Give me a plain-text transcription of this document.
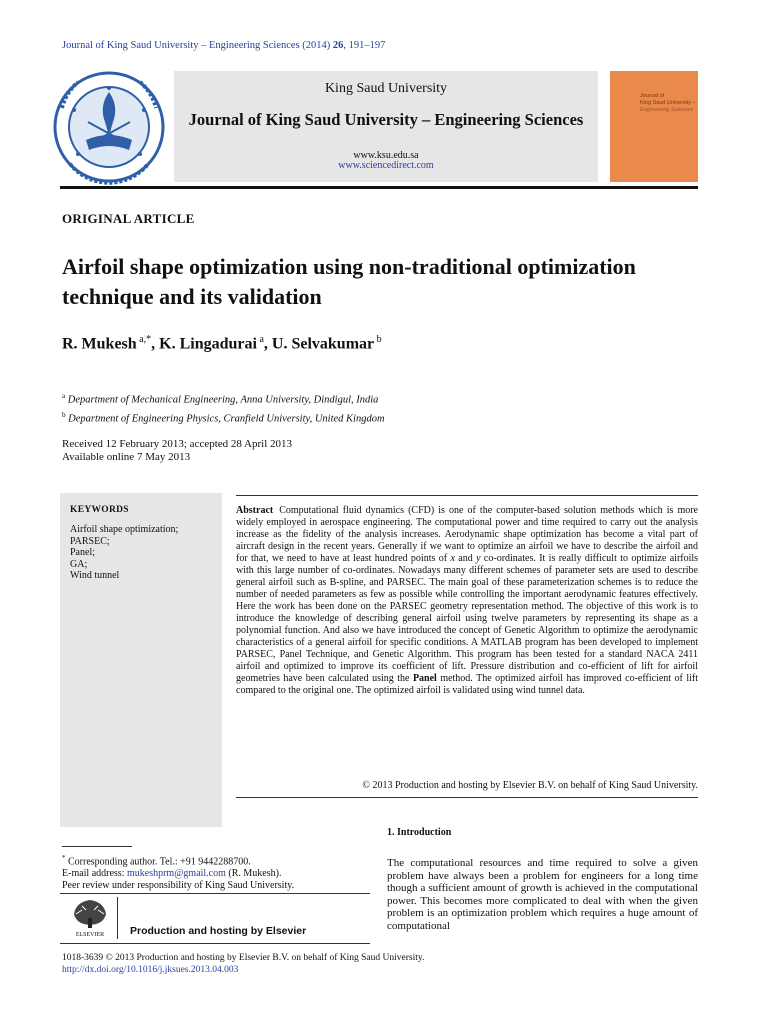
Journal of King Saud University – Engineering Sciences (2014) 26, 191–197
King Saud University
Journal of King Saud University – Engineering Sciences
www.ksu.edu.sa
www.sciencedirect.com
Journal of
King Saud University –
Engineering Sciences
ORIGINAL ARTICLE
Airfoil shape optimization using non-traditional optimization technique and its validation
R. Mukesh $^{a,*}$, K. Lingadurai $^a$, U. Selvakumar $^b$
$^a$ Department of Mechanical Engineering, Anna University, Dindigul, India
$^b$ Department of Engineering Physics, Cranfield University, United Kingdom
Received 12 February 2013; accepted 28 April 2013
Available online 7 May 2013
KEYWORDS
Airfoil shape optimization;
PARSEC;
Panel;
GA;
Wind tunnel
Abstract Computational fluid dynamics (CFD) is one of the computer-based solution methods which is more widely employed in aerospace engineering. The computational power and time required to carry out the analysis increase as the fidelity of the analysis increases. Aerodynamic shape optimization has become a vital part of aircraft design in the recent years. Generally if we want to optimize an airfoil we have to describe the airfoil and for that, we need to have at least hundred points of x and y co-ordinates. It is really difficult to optimize airfoils with this large number of co-ordinates. Nowadays many different schemes of parameter sets are used to describe general airfoil such as B-spline, and PARSEC. The main goal of these parameterization schemes is to reduce the number of needed parameters as few as possible while controlling the important aerodynamic features effectively. Here the work has been done on the PARSEC geometry representation method. The objective of this work is to introduce the knowledge of describing general airfoil using twelve parameters by representing its shape as a polynomial function. And also we have introduced the concept of Genetic Algorithm to optimize the aerodynamic characteristics of a general airfoil for specific conditions. A MATLAB program has been developed to implement PARSEC, Panel Technique, and Genetic Algorithm. This program has been tested for a standard NACA 2411 airfoil and optimized to improve its coefficient of lift. Pressure distribution and co-efficient of lift for airfoil geometries have been calculated using the Panel method. The optimized airfoil has improved co-efficient of lift compared to the original one. The optimized airfoil is validated using wind tunnel data.
© 2013 Production and hosting by Elsevier B.V. on behalf of King Saud University.
1. Introduction
The computational resources and time required to solve a given problem have always been a problem for engineers for a long time though a sufficient amount of growth is achieved in the computational power. This becomes more complicated to deal with when the given problem is an optimization problem which requires a huge amount of computational
* Corresponding author. Tel.: +91 9442288700.
E-mail address: mukeshprm@gmail.com (R. Mukesh).
Peer review under responsibility of King Saud University.
ELSEVIER Production and hosting by Elsevier
1018-3639 © 2013 Production and hosting by Elsevier B.V. on behalf of King Saud University.
http://dx.doi.org/10.1016/j.jksues.2013.04.003
